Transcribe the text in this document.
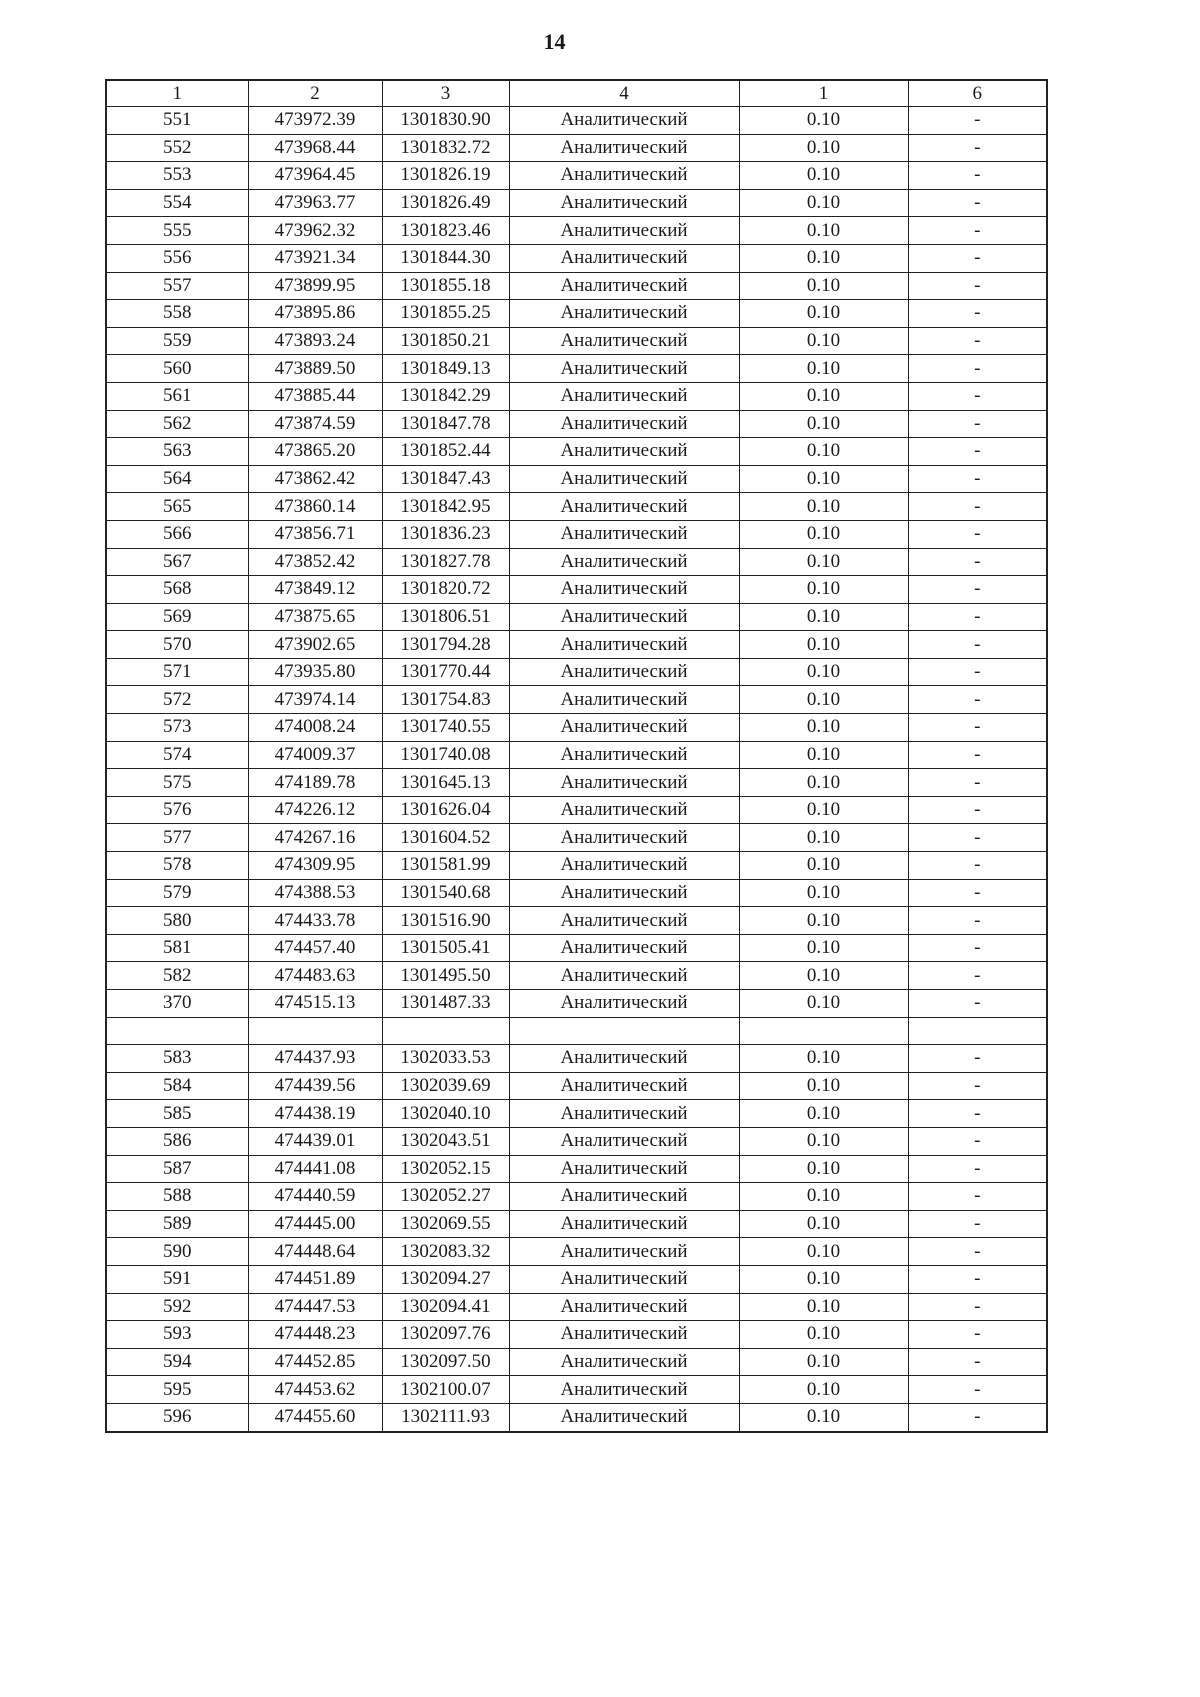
14
1	2	3	4	1	6
551	473972.39	1301830.90	Аналитический	0.10	-
552	473968.44	1301832.72	Аналитический	0.10	-
553	473964.45	1301826.19	Аналитический	0.10	-
554	473963.77	1301826.49	Аналитический	0.10	-
555	473962.32	1301823.46	Аналитический	0.10	-
556	473921.34	1301844.30	Аналитический	0.10	-
557	473899.95	1301855.18	Аналитический	0.10	-
558	473895.86	1301855.25	Аналитический	0.10	-
559	473893.24	1301850.21	Аналитический	0.10	-
560	473889.50	1301849.13	Аналитический	0.10	-
561	473885.44	1301842.29	Аналитический	0.10	-
562	473874.59	1301847.78	Аналитический	0.10	-
563	473865.20	1301852.44	Аналитический	0.10	-
564	473862.42	1301847.43	Аналитический	0.10	-
565	473860.14	1301842.95	Аналитический	0.10	-
566	473856.71	1301836.23	Аналитический	0.10	-
567	473852.42	1301827.78	Аналитический	0.10	-
568	473849.12	1301820.72	Аналитический	0.10	-
569	473875.65	1301806.51	Аналитический	0.10	-
570	473902.65	1301794.28	Аналитический	0.10	-
571	473935.80	1301770.44	Аналитический	0.10	-
572	473974.14	1301754.83	Аналитический	0.10	-
573	474008.24	1301740.55	Аналитический	0.10	-
574	474009.37	1301740.08	Аналитический	0.10	-
575	474189.78	1301645.13	Аналитический	0.10	-
576	474226.12	1301626.04	Аналитический	0.10	-
577	474267.16	1301604.52	Аналитический	0.10	-
578	474309.95	1301581.99	Аналитический	0.10	-
579	474388.53	1301540.68	Аналитический	0.10	-
580	474433.78	1301516.90	Аналитический	0.10	-
581	474457.40	1301505.41	Аналитический	0.10	-
582	474483.63	1301495.50	Аналитический	0.10	-
370	474515.13	1301487.33	Аналитический	0.10	-

583	474437.93	1302033.53	Аналитический	0.10	-
584	474439.56	1302039.69	Аналитический	0.10	-
585	474438.19	1302040.10	Аналитический	0.10	-
586	474439.01	1302043.51	Аналитический	0.10	-
587	474441.08	1302052.15	Аналитический	0.10	-
588	474440.59	1302052.27	Аналитический	0.10	-
589	474445.00	1302069.55	Аналитический	0.10	-
590	474448.64	1302083.32	Аналитический	0.10	-
591	474451.89	1302094.27	Аналитический	0.10	-
592	474447.53	1302094.41	Аналитический	0.10	-
593	474448.23	1302097.76	Аналитический	0.10	-
594	474452.85	1302097.50	Аналитический	0.10	-
595	474453.62	1302100.07	Аналитический	0.10	-
596	474455.60	1302111.93	Аналитический	0.10	-
